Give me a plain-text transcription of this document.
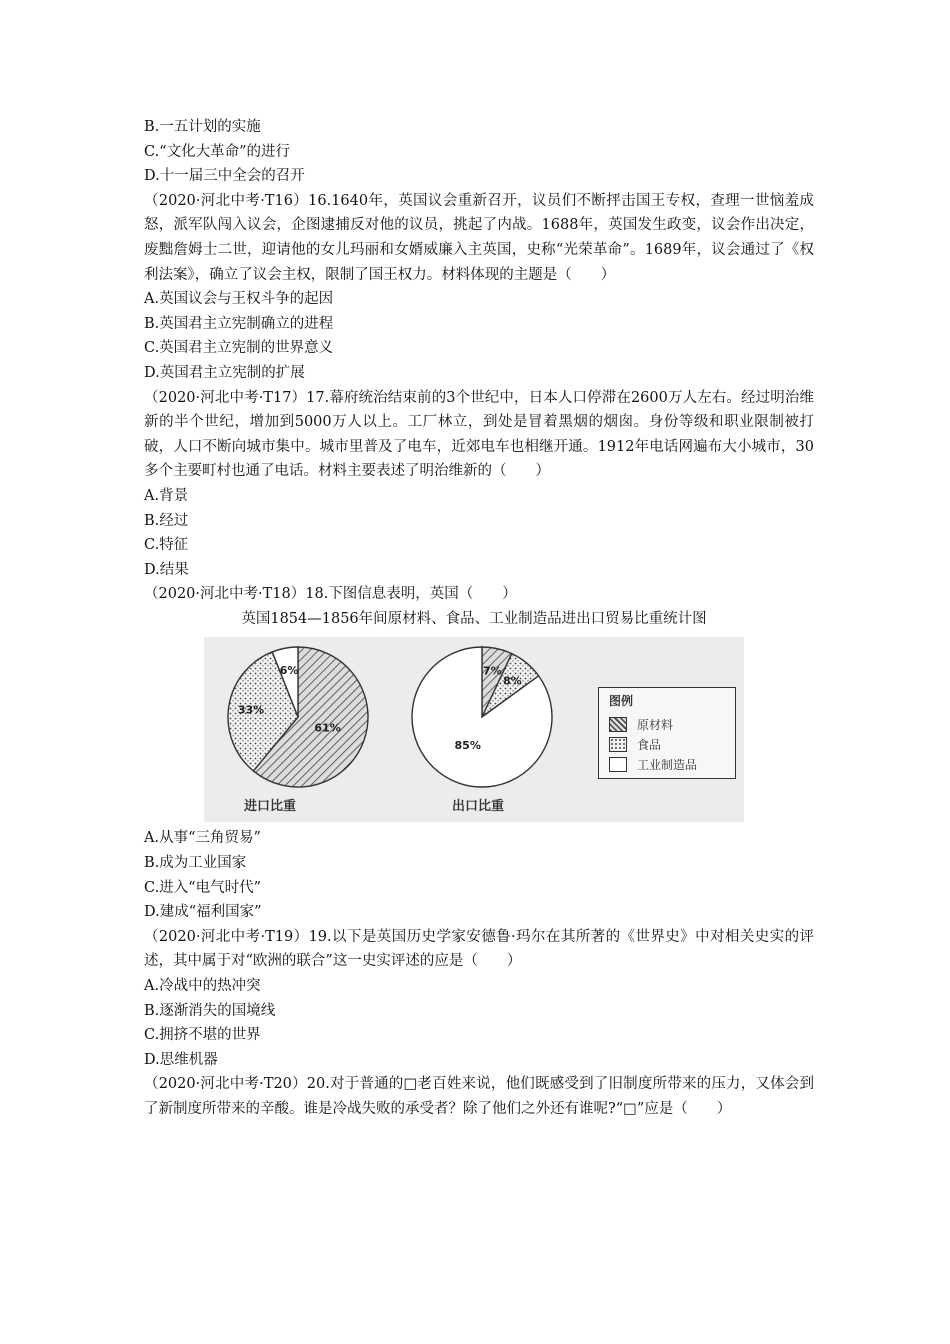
B.一五计划的实施

C.“文化大革命”的进行

D.十一届三中全会的召开

（2020·河北中考·T16）16.1640年，英国议会重新召开，议员们不断抨击国王专权，查理一世恼羞成怒，派军队闯入议会，企图逮捕反对他的议员，挑起了内战。1688年，英国发生政变，议会作出决定，废黜詹姆士二世，迎请他的女儿玛丽和女婿威廉入主英国，史称“光荣革命”。1689年，议会通过了《权利法案》，确立了议会主权，限制了国王权力。材料体现的主题是（　　）

A.英国议会与王权斗争的起因

B.英国君主立宪制确立的进程

C.英国君主立宪制的世界意义

D.英国君主立宪制的扩展

（2020·河北中考·T17）17.幕府统治结束前的3个世纪中，日本人口停滞在2600万人左右。经过明治维新的半个世纪，增加到5000万人以上。工厂林立，到处是冒着黑烟的烟囱。身份等级和职业限制被打破，人口不断向城市集中。城市里普及了电车，近郊电车也相继开通。1912年电话网遍布大小城市，30多个主要町村也通了电话。材料主要表述了明治维新的（　　）

A.背景

B.经过

C.特征

D.结果

（2020·河北中考·T18）18.下图信息表明，英国（　　）

英国1854—1856年间原材料、食品、工业制造品进出口贸易比重统计图

61%
33%
6%	7%
8%
85%
进口比重	出口比重
图例
原材料
食品
工业制造品

A.从事“三角贸易”

B.成为工业国家

C.进入“电气时代”

D.建成“福利国家”

（2020·河北中考·T19）19.以下是英国历史学家安德鲁·玛尔在其所著的《世界史》中对相关史实的评述，其中属于对“欧洲的联合”这一史实评述的应是（　　）

A.冷战中的热冲突

B.逐渐消失的国境线

C.拥挤不堪的世界

D.思维机器

（2020·河北中考·T20）20.对于普通的□老百姓来说，他们既感受到了旧制度所带来的压力，又体会到了新制度所带来的辛酸。谁是冷战失败的承受者？除了他们之外还有谁呢?“□”应是（　　）
